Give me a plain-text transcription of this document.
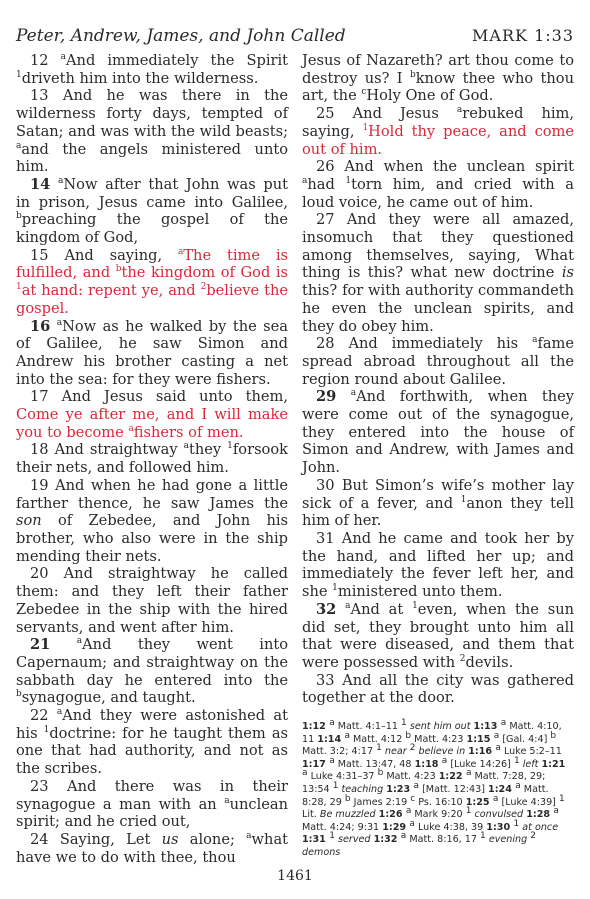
Peter, Andrew, James, and John Called	MARK 1:33

12 $^a$And immediately the Spirit $^1$driveth him into the wilderness.

13 And he was there in the wilderness forty days, tempted of Satan; and was with the wild beasts; $^a$and the angels ministered unto him.

14 $^a$Now after that John was put in prison, Jesus came into Galilee, $^b$preaching the gospel of the kingdom of God,

15 And saying, $^a$The time is fulfilled, and $^b$the kingdom of God is $^1$at hand: repent ye, and $^2$believe the gospel.

16 $^a$Now as he walked by the sea of Galilee, he saw Simon and Andrew his brother casting a net into the sea: for they were fishers.

17 And Jesus said unto them, Come ye after me, and I will make you to become $^a$fishers of men.

18 And straightway $^a$they $^1$forsook their nets, and followed him.

19 And when he had gone a little farther thence, he saw James the son of Zebedee, and John his brother, who also were in the ship mending their nets.

20 And straightway he called them: and they left their father Zebedee in the ship with the hired servants, and went after him.

21	$^a$And they went into Capernaum; and straightway on the sabbath day he entered into the $^b$synagogue, and taught.

22 $^a$And they were astonished at his $^1$doctrine: for he taught them as one that had authority, and not as the scribes.

23 And there was in their synagogue a man with an $^a$unclean spirit; and he cried out,

24 Saying, Let us alone; $^a$what have we to do with thee, thou

Jesus of Nazareth? art thou come to destroy us? I $^b$know thee who thou art, the $^c$Holy One of God.

25 And Jesus $^a$rebuked him, saying, $^1$Hold thy peace, and come out of him.

26 And when the unclean spirit $^a$had $^1$torn him, and cried with a loud voice, he came out of him.

27 And they were all amazed, insomuch that they questioned among themselves, saying, What thing is this? what new doctrine is this? for with authority commandeth he even the unclean spirits, and they do obey him.

28 And immediately his $^a$fame spread abroad throughout all the region round about Galilee.

29 $^a$And forthwith, when they were come out of the synagogue, they entered into the house of Simon and Andrew, with James and John.

30 But Simon’s wife’s mother lay sick of a fever, and $^1$anon they tell him of her.

31 And he came and took her by the hand, and lifted her up; and immediately the fever left her, and she $^1$ministered unto them.

32 $^a$And at $^1$even, when the sun did set, they brought unto him all that were diseased, and them that were possessed with $^2$devils.

33 And all the city was gathered together at the door.

1:12 $^a$ Matt. 4:1–11 $^1$ sent him out 1:13 $^a$ Matt. 4:10, 11 1:14 $^a$ Matt. 4:12 $^b$ Matt. 4:23 1:15 $^a$ [Gal. 4:4] $^b$ Matt. 3:2; 4:17 $^1$ near $^2$ believe in 1:16 $^a$ Luke 5:2–11 1:17 $^a$ Matt. 13:47, 48 1:18 $^a$ [Luke 14:26] $^1$ left 1:21 $^a$ Luke 4:31–37 $^b$ Matt. 4:23 1:22 $^a$ Matt. 7:28, 29; 13:54 $^1$ teaching 1:23 $^a$ [Matt. 12:43] 1:24 $^a$ Matt. 8:28, 29 $^b$ James 2:19 $^c$ Ps. 16:10 1:25 $^a$ [Luke 4:39] $^1$ Lit. Be muzzled 1:26 $^a$ Mark 9:20 $^1$ convulsed 1:28 $^a$ Matt. 4:24; 9:31 1:29 $^a$ Luke 4:38, 39 1:30 $^1$ at once 1:31 $^1$ served 1:32 $^a$ Matt. 8:16, 17 $^1$ evening $^2$ demons

1461
